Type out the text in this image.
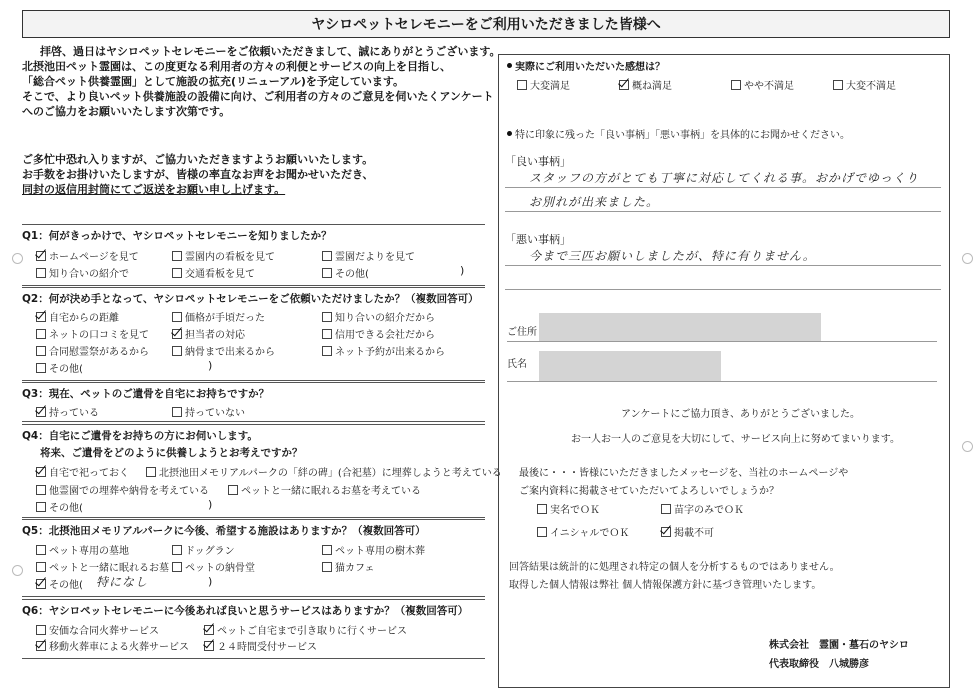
ヤシロペットセレモニーをご利用いただきました皆様へ
拝啓、過日はヤシロペットセレモニーをご依頼いただきまして、誠にありがとうございます。
北摂池田ペット霊園は、この度更なる利用者の方々の利便とサービスの向上を目指し、
「総合ペット供養霊園」として施設の拡充(リニューアル)を予定しています。
そこで、より良いペット供養施設の設備に向け、ご利用者の方々のご意見を伺いたくアンケート
へのご協力をお願いいたします次第です。
ご多忙中恐れ入りますが、ご協力いただきますようお願いいたします。
お手数をお掛けいたしますが、皆様の率直なお声をお聞かせいただき、
同封の返信用封筒にてご返送をお願い申し上げます。
Q1：何がきっかけで、ヤシロペットセレモニーを知りましたか？
ホームページを見て	霊園内の看板を見て	霊園だよりを見て
知り合いの紹介で	交通看板を見て	その他(	)
Q2：何が決め手となって、ヤシロペットセレモニーをご依頼いただけましたか？（複数回答可）
自宅からの距離	価格が手頃だった	知り合いの紹介だから
ネットの口コミを見て	担当者の対応	信用できる会社だから
合同慰霊祭があるから	納骨まで出来るから	ネット予約が出来るから
その他(	)
Q3：現在、ペットのご遺骨を自宅にお持ちですか？
持っている	持っていない
Q4：自宅にご遺骨をお持ちの方にお伺いします。
将来、ご遺骨をどのように供養しようとお考えですか？
自宅で祀っておく	北摂池田メモリアルパークの「絆の碑」(合祀墓）に埋葬しようと考えている
他霊園での埋葬や納骨を考えている	ペットと一緒に眠れるお墓を考えている
その他(	)
Q5：北摂池田メモリアルパークに今後、希望する施設はありますか？（複数回答可）
ペット専用の墓地	ドッグラン	ペット専用の樹木葬
ペットと一緒に眠れるお墓 ペットの納骨堂	猫カフェ
その他( 特になし	)
Q6：ヤシロペットセレモニーに今後あれば良いと思うサービスはありますか？（複数回答可）
安価な合同火葬サービス	ペットご自宅まで引き取りに行くサービス
移動火葬車による火葬サービス	２４時間受付サービス
実際にご利用いただいた感想は？
大変満足	概ね満足	やや不満足	大変不満足
特に印象に残った「良い事柄」「悪い事柄」を具体的にお聞かせください。
「良い事柄」
スタッフの方がとても丁寧に対応してくれる事。おかげでゆっくり
お別れが出来ました。
「悪い事柄」
今まで三匹お願いしましたが、特に有りません。
ご住所
氏名
アンケートにご協力頂き、ありがとうございました。
お一人お一人のご意見を大切にして、サービス向上に努めてまいります。
最後に・・・皆様にいただきましたメッセージを、当社のホームページや
ご案内資料に掲載させていただいてよろしいでしょうか？
実名でＯＫ	苗字のみでＯＫ
イニシャルでＯＫ	掲載不可
回答結果は統計的に処理され特定の個人を分析するものではありません。
取得した個人情報は弊社 個人情報保護方針に基づき管理いたします。
株式会社　霊園・墓石のヤシロ
代表取締役　八城勝彦
